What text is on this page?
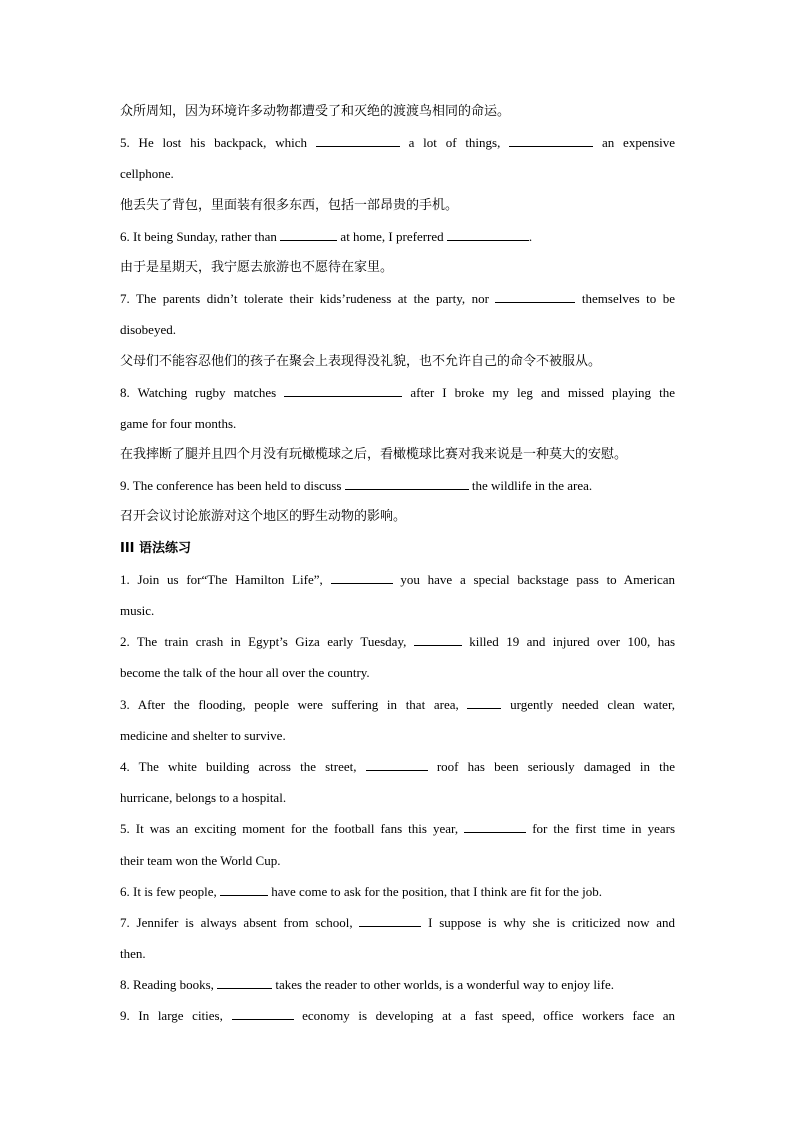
众所周知，因为环境许多动物都遭受了和灭绝的渡渡鸟相同的命运。
5. He lost his backpack, which	a lot of things,	an expensive
cellphone.
他丢失了背包，里面装有很多东西，包括一部昂贵的手机。
6. It being Sunday, rather than	at home, I preferred	.
由于是星期天，我宁愿去旅游也不愿待在家里。
7. The parents didn’t tolerate their kids’rudeness at the party, nor	themselves to be
disobeyed.
父母们不能容忍他们的孩子在聚会上表现得没礼貌，也不允许自己的命令不被服从。
8. Watching rugby matches	after I broke my leg and missed playing the
game for four months.
在我摔断了腿并且四个月没有玩橄榄球之后，看橄榄球比赛对我来说是一种莫大的安慰。
9. The conference has been held to discuss	the wildlife in the area.
召开会议讨论旅游对这个地区的野生动物的影响。
III 语法练习
1. Join us for“The Hamilton Life”,	you have a special backstage pass to American
music.
2. The train crash in Egypt’s Giza early Tuesday,	killed 19 and injured over 100, has
become the talk of the hour all over the country.
3. After the flooding, people were suffering in that area,	urgently needed clean water,
medicine and shelter to survive.
4. The white building across the street,	roof has been seriously damaged in the
hurricane, belongs to a hospital.
5. It was an exciting moment for the football fans this year,	for the first time in years
their team won the World Cup.
6. It is few people,	have come to ask for the position, that I think are fit for the job.
7. Jennifer is always absent from school,	I suppose is why she is criticized now and
then.
8. Reading books,	takes the reader to other worlds, is a wonderful way to enjoy life.
9. In large cities,	economy is developing at a fast speed, office workers face an
